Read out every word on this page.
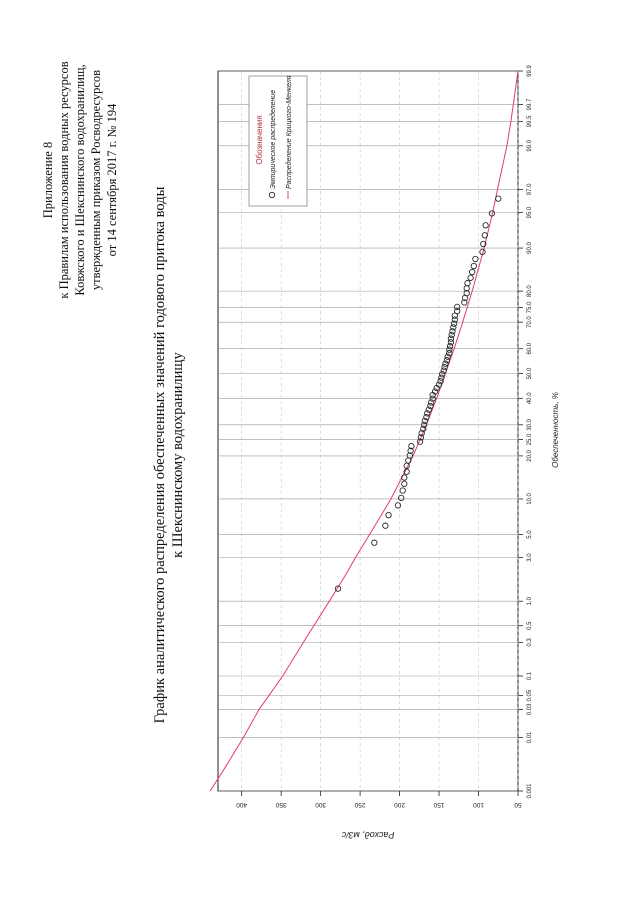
Приложение 8 к Правилам использования водных ресурсов Ковжского и Шекснинского водохранилищ, утвержденным приказом Росводресурсов от 14 сентября 2017 г. № 194
График аналитического распределения обеспеченных значений годового притока воды к Шекснинскому водохранилищу
0.001
0.01
0.03
0.05
0.1
0.3
0.5
1.0
3.0
5.0
10.0
20.0
25.0
30.0
40.0
50.0
60.0
70.0
75.0
80.0
90.0
95.0
97.0
99.0
99.5
99.7
99.9
50
100
150
200
250
300
350
400
Обеспеченность, %
Расход, м3/с
Обозначения Эмпирическое распределение Распределение Крицкого-Менкеля
